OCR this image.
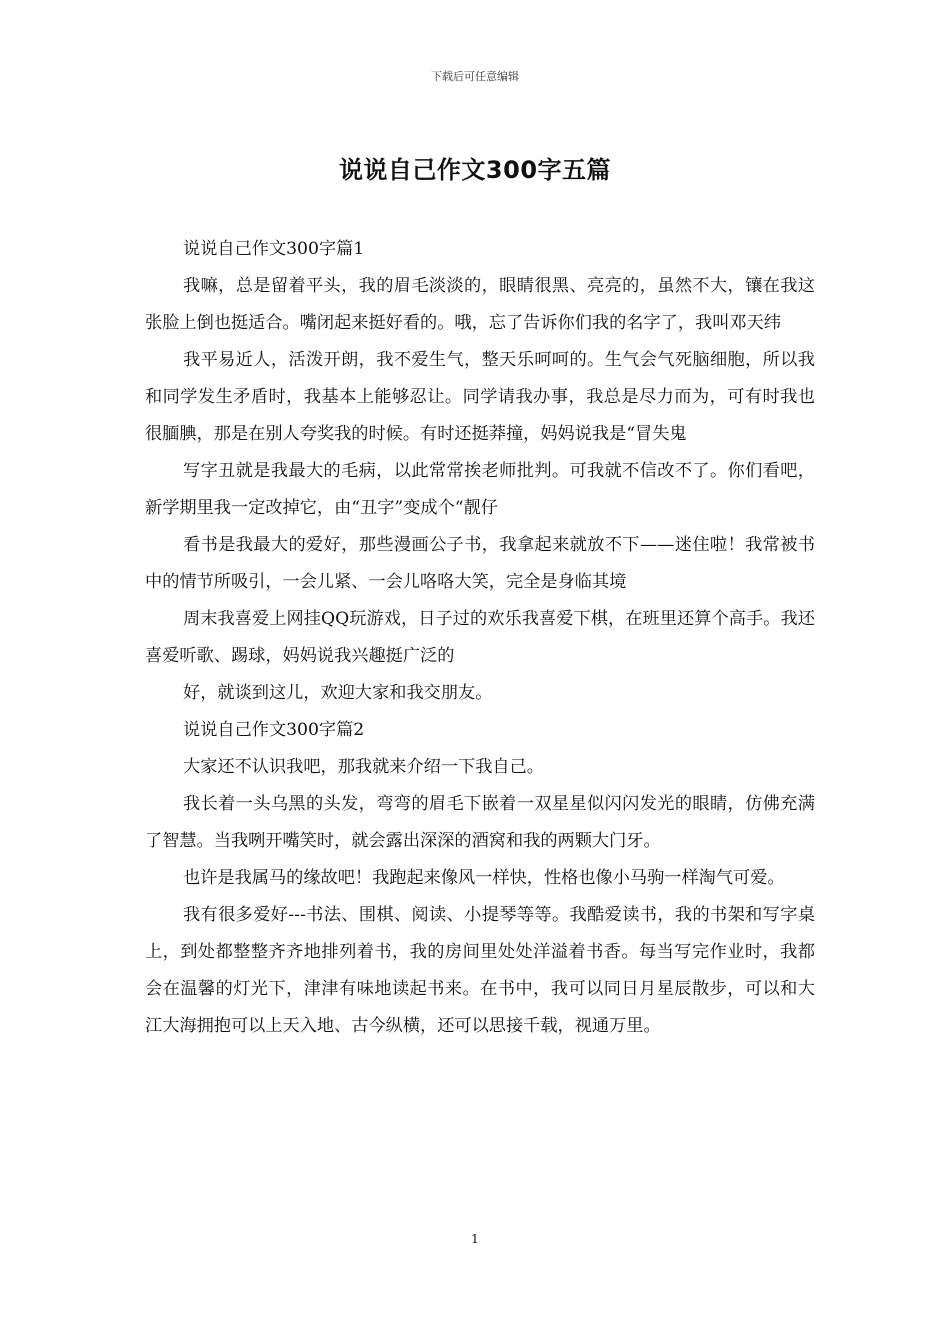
下载后可任意编辑
说说自己作文300字五篇

说说自己作文300字篇1

我嘛，总是留着平头，我的眉毛淡淡的，眼睛很黑、亮亮的，虽然不大，镶在我这张脸上倒也挺适合。嘴闭起来挺好看的。哦，忘了告诉你们我的名字了，我叫邓天纬

我平易近人，活泼开朗，我不爱生气，整天乐呵呵的。生气会气死脑细胞，所以我和同学发生矛盾时，我基本上能够忍让。同学请我办事，我总是尽力而为，可有时我也很腼腆，那是在别人夸奖我的时候。有时还挺莽撞，妈妈说我是“冒失鬼

写字丑就是我最大的毛病，以此常常挨老师批判。可我就不信改不了。你们看吧，新学期里我一定改掉它，由“丑字”变成个“靓仔

看书是我最大的爱好，那些漫画公子书，我拿起来就放不下——迷住啦！我常被书中的情节所吸引，一会儿紧、一会儿咯咯大笑，完全是身临其境

周末我喜爱上网挂QQ玩游戏，日子过的欢乐我喜爱下棋，在班里还算个高手。我还喜爱听歌、踢球，妈妈说我兴趣挺广泛的

好，就谈到这儿，欢迎大家和我交朋友。

说说自己作文300字篇2

大家还不认识我吧，那我就来介绍一下我自己。

我长着一头乌黑的头发，弯弯的眉毛下嵌着一双星星似闪闪发光的眼睛，仿佛充满了智慧。当我咧开嘴笑时，就会露出深深的酒窝和我的两颗大门牙。

也许是我属马的缘故吧！我跑起来像风一样快，性格也像小马驹一样淘气可爱。

我有很多爱好---书法、围棋、阅读、小提琴等等。我酷爱读书，我的书架和写字桌上，到处都整整齐齐地排列着书，我的房间里处处洋溢着书香。每当写完作业时，我都会在温馨的灯光下，津津有味地读起书来。在书中，我可以同日月星辰散步，可以和大江大海拥抱可以上天入地、古今纵横，还可以思接千载，视通万里。

1
